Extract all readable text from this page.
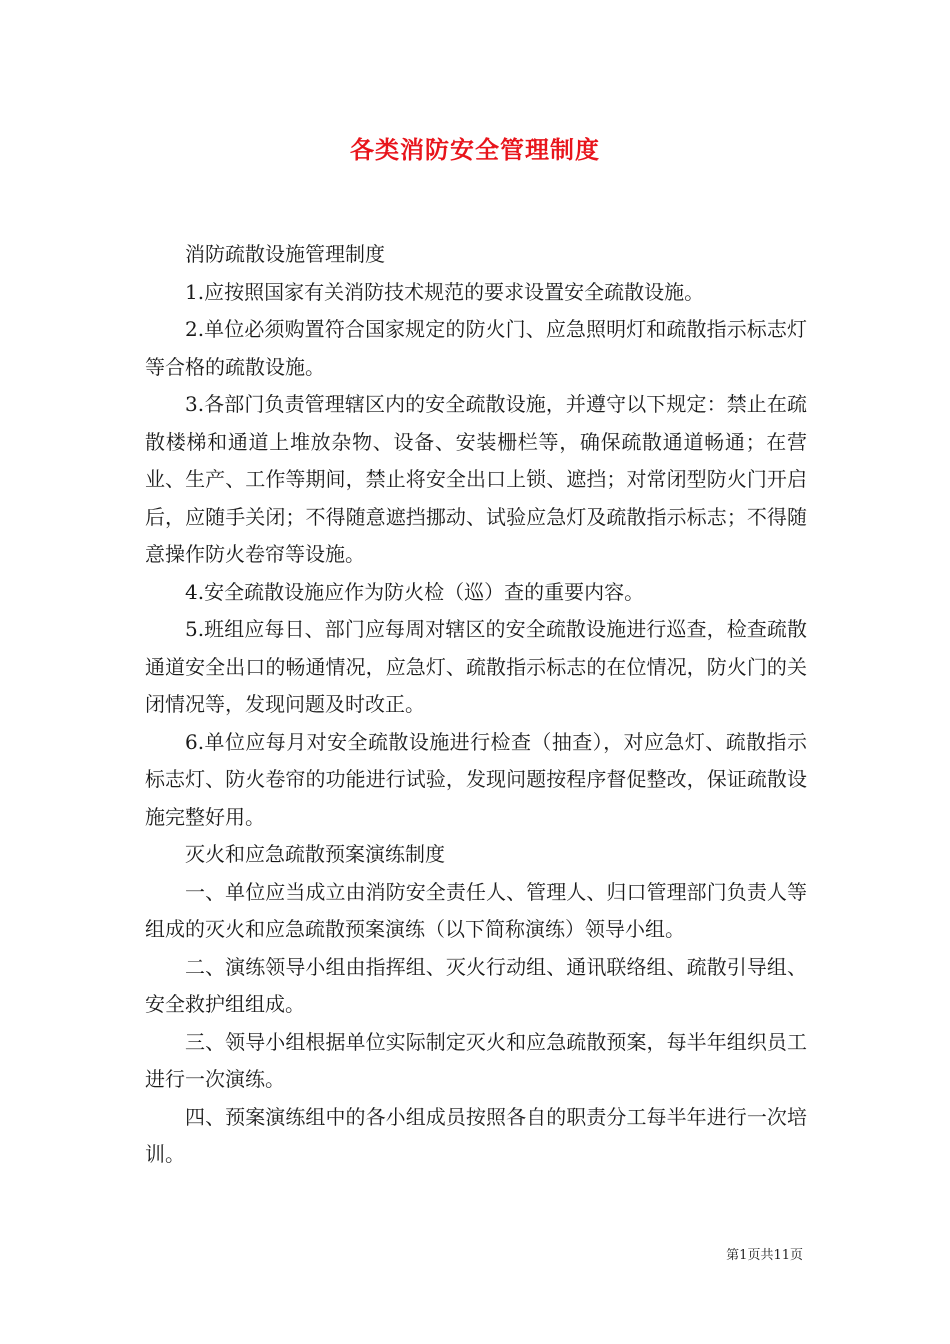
各类消防安全管理制度

消防疏散设施管理制度

1.应按照国家有关消防技术规范的要求设置安全疏散设施。

2.单位必须购置符合国家规定的防火门、应急照明灯和疏散指示标志灯等合格的疏散设施。

3.各部门负责管理辖区内的安全疏散设施，并遵守以下规定：禁止在疏散楼梯和通道上堆放杂物、设备、安装栅栏等，确保疏散通道畅通；在营业、生产、工作等期间，禁止将安全出口上锁、遮挡；对常闭型防火门开启后，应随手关闭；不得随意遮挡挪动、试验应急灯及疏散指示标志；不得随意操作防火卷帘等设施。

4.安全疏散设施应作为防火检（巡）查的重要内容。

5.班组应每日、部门应每周对辖区的安全疏散设施进行巡查，检查疏散通道安全出口的畅通情况，应急灯、疏散指示标志的在位情况，防火门的关闭情况等，发现问题及时改正。

6.单位应每月对安全疏散设施进行检查（抽查），对应急灯、疏散指示标志灯、防火卷帘的功能进行试验，发现问题按程序督促整改，保证疏散设施完整好用。

灭火和应急疏散预案演练制度

一、单位应当成立由消防安全责任人、管理人、归口管理部门负责人等组成的灭火和应急疏散预案演练（以下简称演练）领导小组。

二、演练领导小组由指挥组、灭火行动组、通讯联络组、疏散引导组、安全救护组组成。

三、领导小组根据单位实际制定灭火和应急疏散预案，每半年组织员工进行一次演练。

四、预案演练组中的各小组成员按照各自的职责分工每半年进行一次培训。

第1页共11页
